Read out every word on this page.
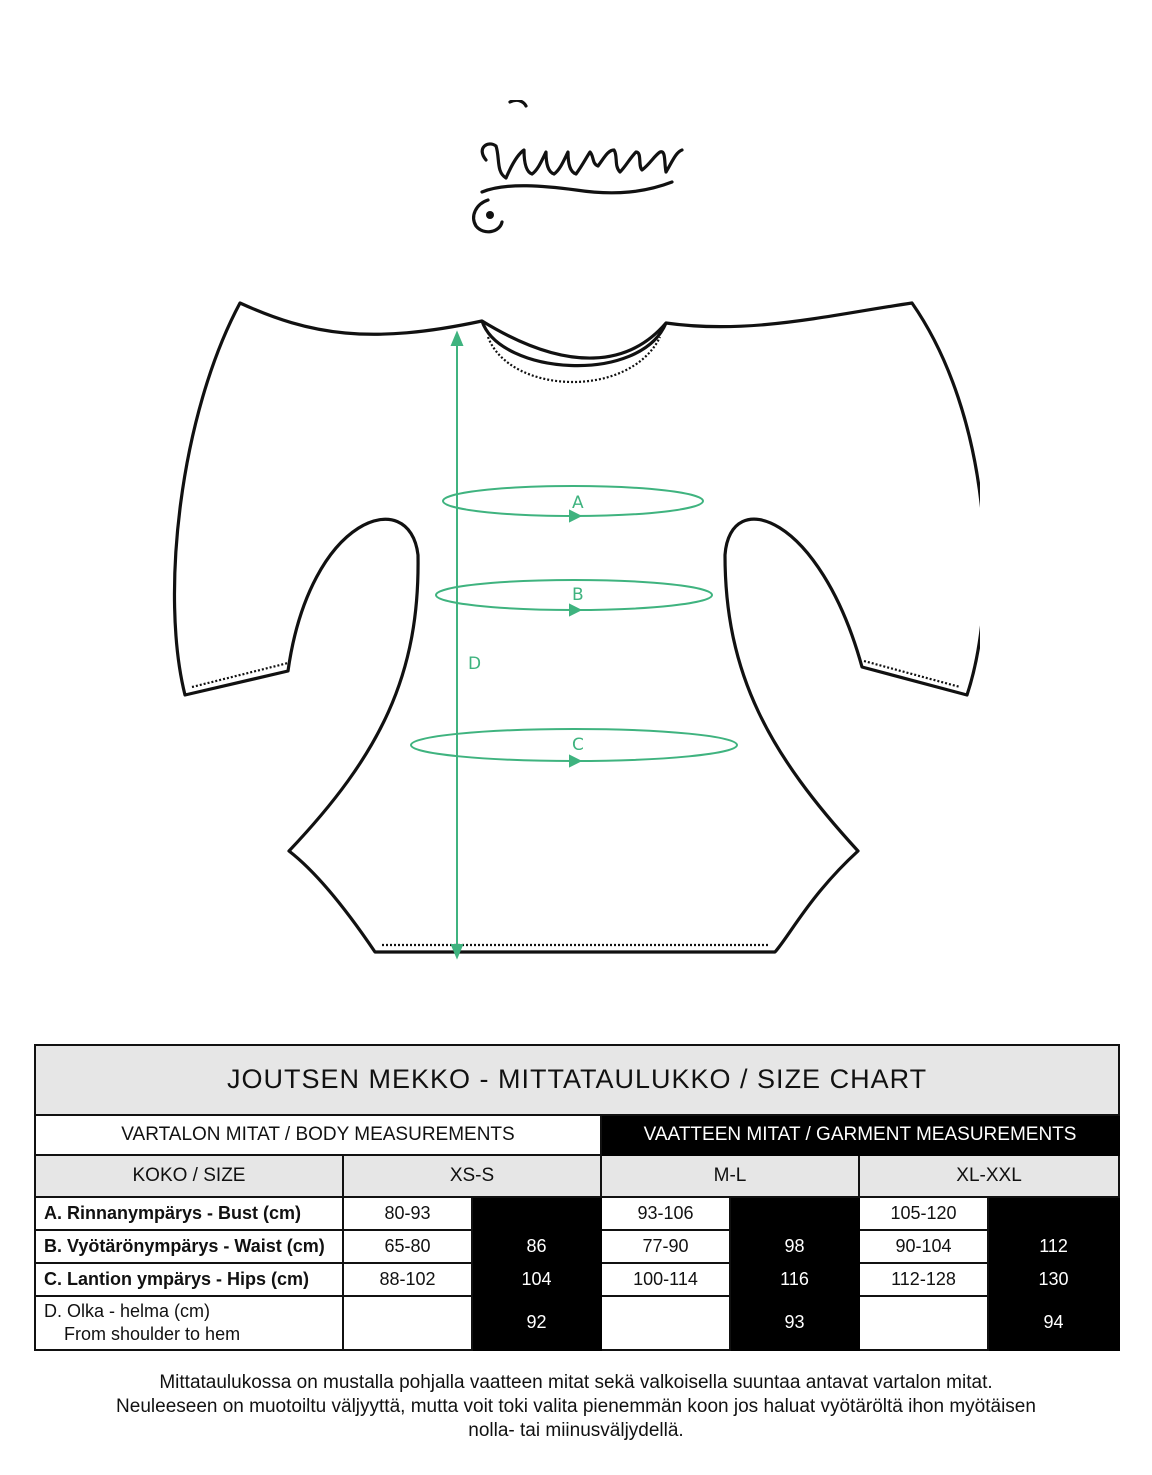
A
B
C
D
JOUTSEN MEKKO - MITTATAULUKKO / SIZE CHART						
VARTALON MITAT / BODY MEASUREMENTS			VAATTEEN MITAT / GARMENT MEASUREMENTS			
KOKO / SIZE	XS-S		M-L		XL-XXL	
A. Rinnanympärys - Bust (cm)	80-93		93-106		105-120	
B. Vyötärönympärys - Waist (cm)	65-80	86	77-90	98	90-104	112
C. Lantion ympärys - Hips (cm)	88-102	104	100-114	116	112-128	130
D. Olka - helma (cm)
From shoulder to hem		92		93		94
Mittataulukossa on mustalla pohjalla vaatteen mitat sekä valkoisella suuntaa antavat vartalon mitat.
Neuleeseen on muotoiltu väljyyttä, mutta voit toki valita pienemmän koon jos haluat vyötäröltä ihon myötäisen
nolla- tai miinusväljydellä.
